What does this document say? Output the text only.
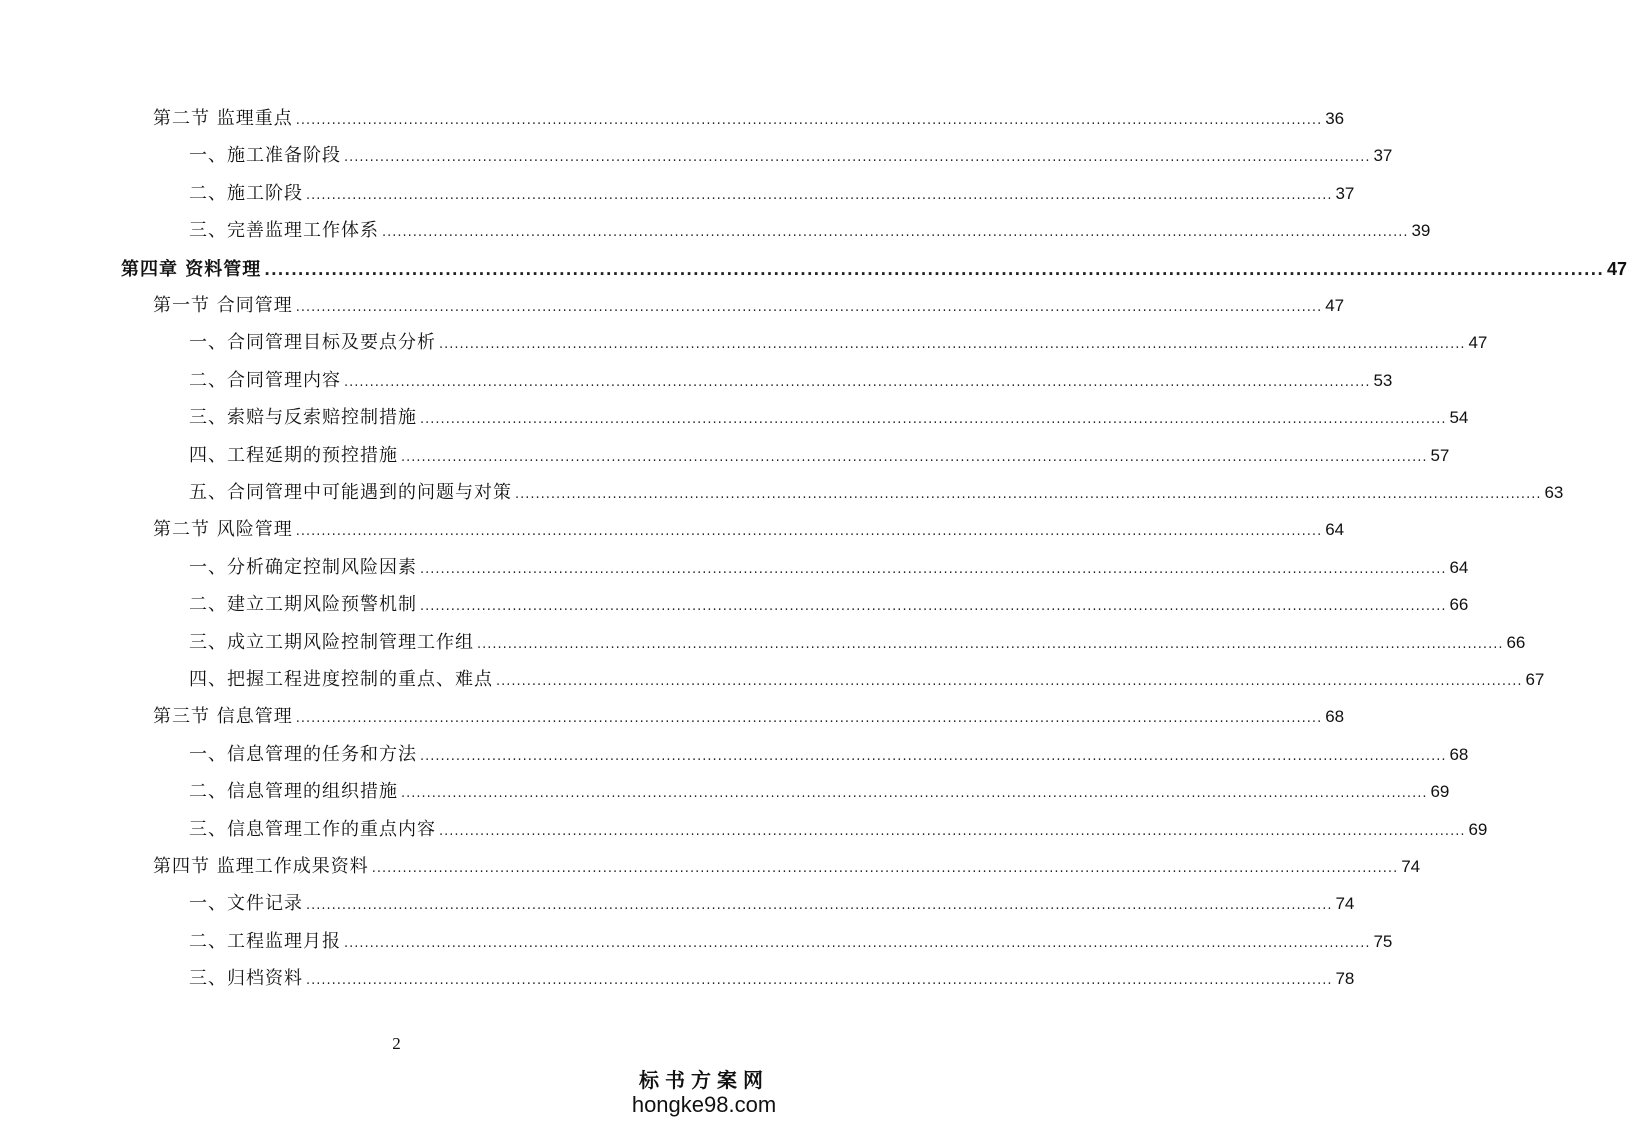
第二节 监理重点 ........................................................................................................................................................................................................ 36
一、施工准备阶段 ........................................................................................................................................................................................................ 37
二、施工阶段 ........................................................................................................................................................................................................ 37
三、完善监理工作体系 ........................................................................................................................................................................................................ 39
第四章 资料管理 ........................................................................................................................................................................................................ 47
第一节 合同管理 ........................................................................................................................................................................................................ 47
一、合同管理目标及要点分析 ........................................................................................................................................................................................................ 47
二、合同管理内容 ........................................................................................................................................................................................................ 53
三、索赔与反索赔控制措施 ........................................................................................................................................................................................................ 54
四、工程延期的预控措施 ........................................................................................................................................................................................................ 57
五、合同管理中可能遇到的问题与对策 ........................................................................................................................................................................................................ 63
第二节 风险管理 ........................................................................................................................................................................................................ 64
一、分析确定控制风险因素 ........................................................................................................................................................................................................ 64
二、建立工期风险预警机制 ........................................................................................................................................................................................................ 66
三、成立工期风险控制管理工作组 ........................................................................................................................................................................................................ 66
四、把握工程进度控制的重点、难点 ........................................................................................................................................................................................................ 67
第三节 信息管理 ........................................................................................................................................................................................................ 68
一、信息管理的任务和方法 ........................................................................................................................................................................................................ 68
二、信息管理的组织措施 ........................................................................................................................................................................................................ 69
三、信息管理工作的重点内容 ........................................................................................................................................................................................................ 69
第四节 监理工作成果资料 ........................................................................................................................................................................................................ 74
一、文件记录 ........................................................................................................................................................................................................ 74
二、工程监理月报 ........................................................................................................................................................................................................ 75
三、归档资料 ........................................................................................................................................................................................................ 78
2
标书方案网
hongke98.com
